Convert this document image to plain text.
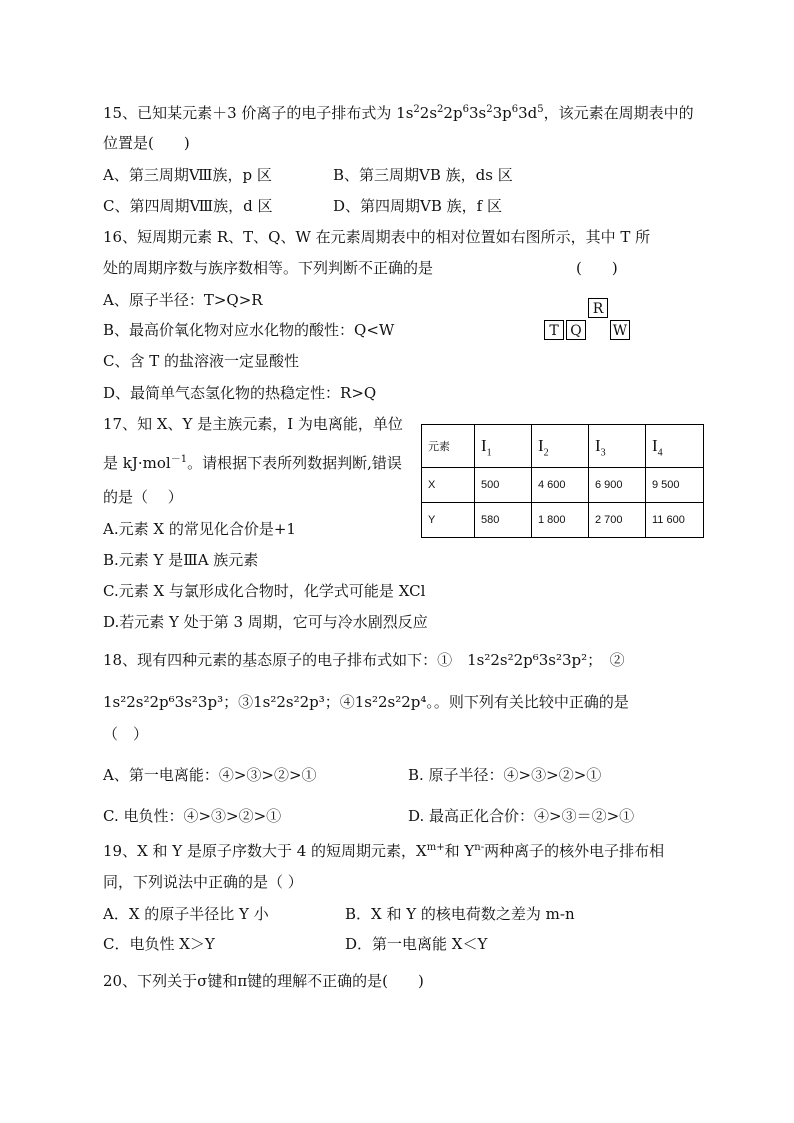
15、已知某元素＋3 价离子的电子排布式为 $1s^22s^22p^63s^23p^63d^5$，该元素在周期表中的
位置是(　　)
A、第三周期Ⅷ族，p 区	B、第三周期ⅤB 族，ds 区
C、第四周期Ⅷ族，d 区	D、第四周期ⅤB 族，f 区
16、短周期元素 R、T、Q、W 在元素周期表中的相对位置如右图所示，其中 T 所
处的周期序数与族序数相等。下列判断不正确的是	(　　)
A、原子半径：T>Q>R
B、最高价氧化物对应水化物的酸性：Q<W
C、含 T 的盐溶液一定显酸性
D、最简单气态氢化物的热稳定性：R>Q
R
T Q	W
17、知 X、Y 是主族元素，I 为电离能，单位
是 kJ·mol$^{-1}$。请根据下表所列数据判断,错误
的是（　 ）
A.元素 X 的常见化合价是+1
B.元素 Y 是ⅢA 族元素
C.元素 X 与氯形成化合物时，化学式可能是 XCl
D.若元素 Y 处于第 3 周期，它可与冷水剧烈反应
元素	$I_1$	$I_2$	$I_3$	$I_4$
X	500	4 600	6 900	9 500
Y	580	1 800	2 700	11 600
18、现有四种元素的基态原子的电子排布式如下：①　1s²2s²2p⁶3s²3p²；　②
1s²2s²2p⁶3s²3p³；③1s²2s²2p³；④1s²2s²2p⁴。。则下列有关比较中正确的是
（　）
A、第一电离能：④>③>②>①	B. 原子半径：④>③>②>①
C. 电负性：④>③>②>①	D. 最高正化合价：④>③＝②>①
19、X 和 Y 是原子序数大于 4 的短周期元素，$X^{m+}$和 $Y^{n-}$两种离子的核外电子排布相
同，下列说法中正确的是（ ）
A．X 的原子半径比 Y 小	B．X 和 Y 的核电荷数之差为 m-n
C．电负性 X＞Y	D．第一电离能 X＜Y
20、下列关于σ键和π键的理解不正确的是(　　)
